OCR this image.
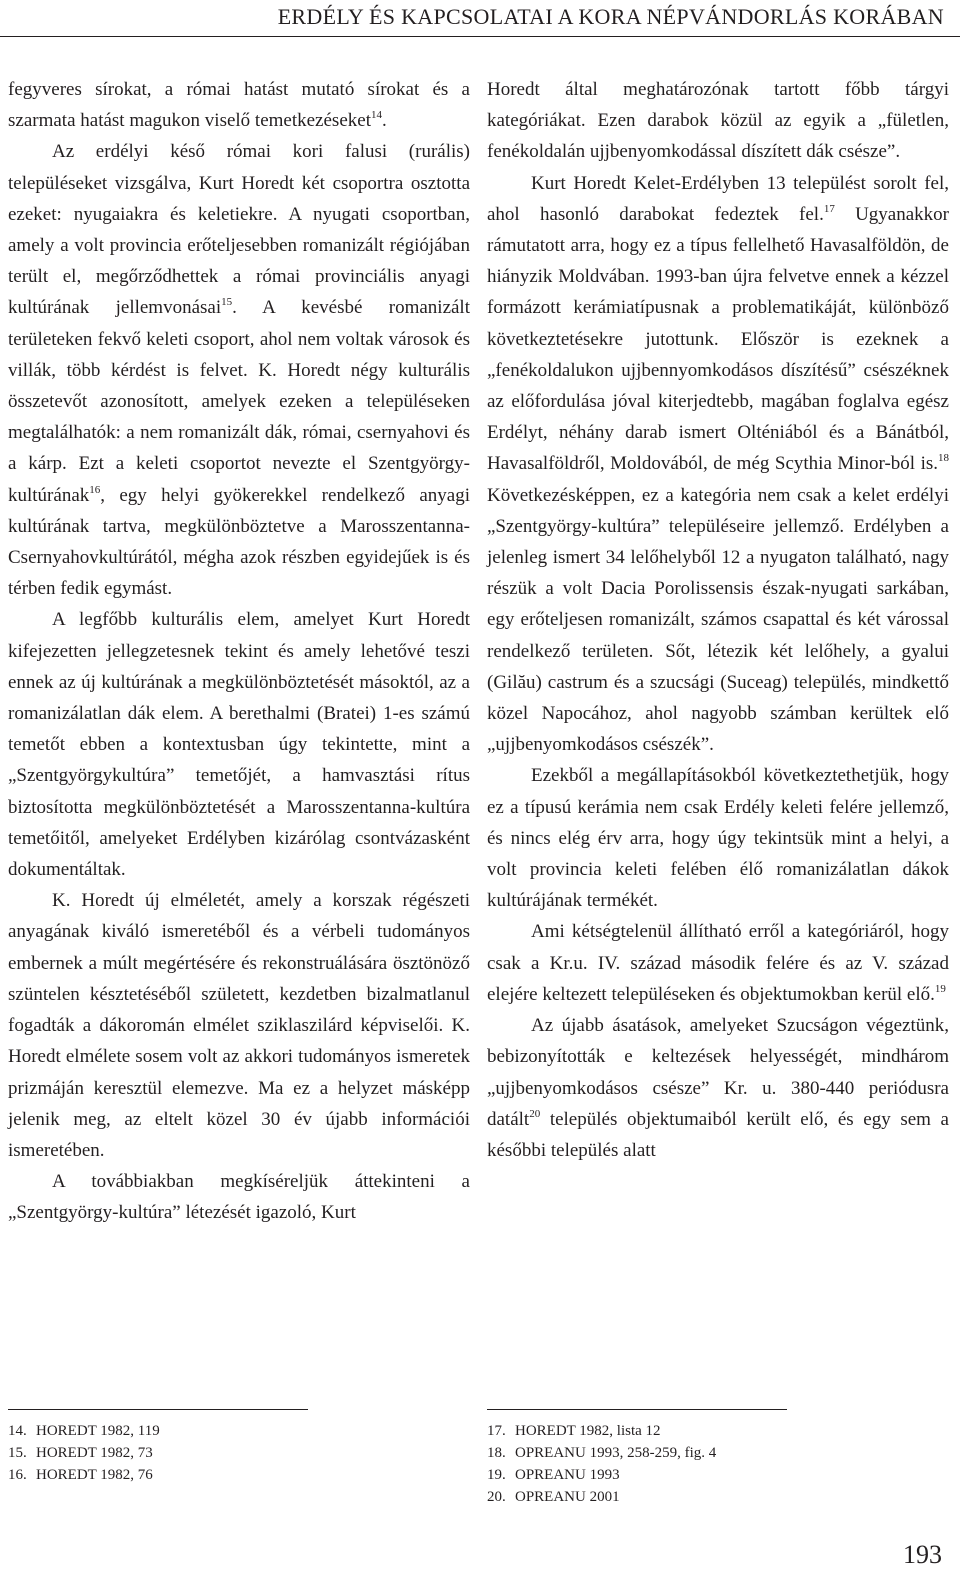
ERDÉLY ÉS KAPCSOLATAI A KORA NÉPVÁNDORLÁS KORÁBAN

fegyveres sírokat, a római hatást mutató sírokat és a szarmata hatást magukon viselő temetkezéseket$^{14}$.

Az erdélyi késő római kori falusi (rurális) településeket vizsgálva, Kurt Horedt két csoportra osztotta ezeket: nyugaiakra és keletiekre. A nyugati csoportban, amely a volt provincia erőteljesebben romanizált régiójában terült el, megőrződhettek a római provinciális anyagi kultúrának jellemvonásai$^{15}$. A kevésbé romanizált területeken fekvő keleti csoport, ahol nem voltak városok és villák, több kérdést is felvet. K. Horedt négy kulturális összetevőt azonosított, amelyek ezeken a településeken megtalálhatók: a nem romanizált dák, római, csernyahovi és a kárp. Ezt a keleti csoportot nevezte el Szentgyörgy-kultúrának$^{16}$, egy helyi gyökerekkel rendelkező anyagi kultúrának tartva, megkülönböztetve a Marosszentanna-Csernyahovkultúrától, mégha azok részben egyidejűek is és térben fedik egymást.

A legfőbb kulturális elem, amelyet Kurt Horedt kifejezetten jellegzetesnek tekint és amely lehetővé teszi ennek az új kultúrának a megkülönböztetését másoktól, az a romanizálatlan dák elem. A berethalmi (Bratei) 1-es számú temetőt ebben a kontextusban úgy tekintette, mint a „Szentgyörgykultúra” temetőjét, a hamvasztási rítus biztosította megkülönböztetését a Marosszentanna-kultúra temetőitől, amelyeket Erdélyben kizárólag csontvázasként dokumentáltak.

K. Horedt új elméletét, amely a korszak régészeti anyagának kiváló ismeretéből és a vérbeli tudományos embernek a múlt megértésére és rekonstruálására ösztönöző szüntelen késztetéséből született, kezdetben bizalmatlanul fogadták a dákoromán elmélet sziklaszilárd képviselői. K. Horedt elmélete sosem volt az akkori tudományos ismeretek prizmáján keresztül elemezve. Ma ez a helyzet másképp jelenik meg, az eltelt közel 30 év újabb információi ismeretében.

A továbbiakban megkíséreljük áttekinteni a „Szentgyörgy-kultúra” létezését igazoló, Kurt

Horedt által meghatározónak tartott főbb tárgyi kategóriákat. Ezen darabok közül az egyik a „fületlen, fenékoldalán ujjbenyomkodással díszített dák csésze”.

Kurt Horedt Kelet-Erdélyben 13 települést sorolt fel, ahol hasonló darabokat fedeztek fel.$^{17}$ Ugyanakkor rámutatott arra, hogy ez a típus fellelhető Havasalföldön, de hiányzik Moldvában. 1993-ban újra felvetve ennek a kézzel formázott kerámiatípusnak a problematikáját, különböző következtetésekre jutottunk. Először is ezeknek a „fenékoldalukon ujjbennyomkodásos díszítésű” csészéknek az előfordulása jóval kiterjedtebb, magában foglalva egész Erdélyt, néhány darab ismert Olténiából és a Bánátból, Havasalföldről, Moldovából, de még Scythia Minor-ból is.$^{18}$ Következésképpen, ez a kategória nem csak a kelet erdélyi „Szentgyörgy-kultúra” településeire jellemző. Erdélyben a jelenleg ismert 34 lelőhelyből 12 a nyugaton található, nagy részük a volt Dacia Porolissensis észak-nyugati sarkában, egy erőteljesen romanizált, számos csapattal és két várossal rendelkező területen. Sőt, létezik két lelőhely, a gyalui (Gilău) castrum és a szucsági (Suceag) település, mindkettő közel Napocához, ahol nagyobb számban kerültek elő „ujjbenyomkodásos csészék”.

Ezekből a megállapításokból következtethetjük, hogy ez a típusú kerámia nem csak Erdély keleti felére jellemző, és nincs elég érv arra, hogy úgy tekintsük mint a helyi, a volt provincia keleti felében élő romanizálatlan dákok kultúrájának termékét.

Ami kétségtelenül állítható erről a kategóriáról, hogy csak a Kr.u. IV. század második felére és az V. század elejére keltezett településeken és objektumokban kerül elő.$^{19}$

Az újabb ásatások, amelyeket Szucságon végeztünk, bebizonyították e keltezések helyességét, mindhárom „ujjbenyomkodásos csésze” Kr. u. 380-440 periódusra datált$^{20}$ település objektumaiból került elő, és egy sem a későbbi település alatt

14. HOREDT 1982, 119
15. HOREDT 1982, 73
16. HOREDT 1982, 76
17. HOREDT 1982, lista 12
18. OPREANU 1993, 258-259, fig. 4
19. OPREANU 1993
20. OPREANU 2001
193
